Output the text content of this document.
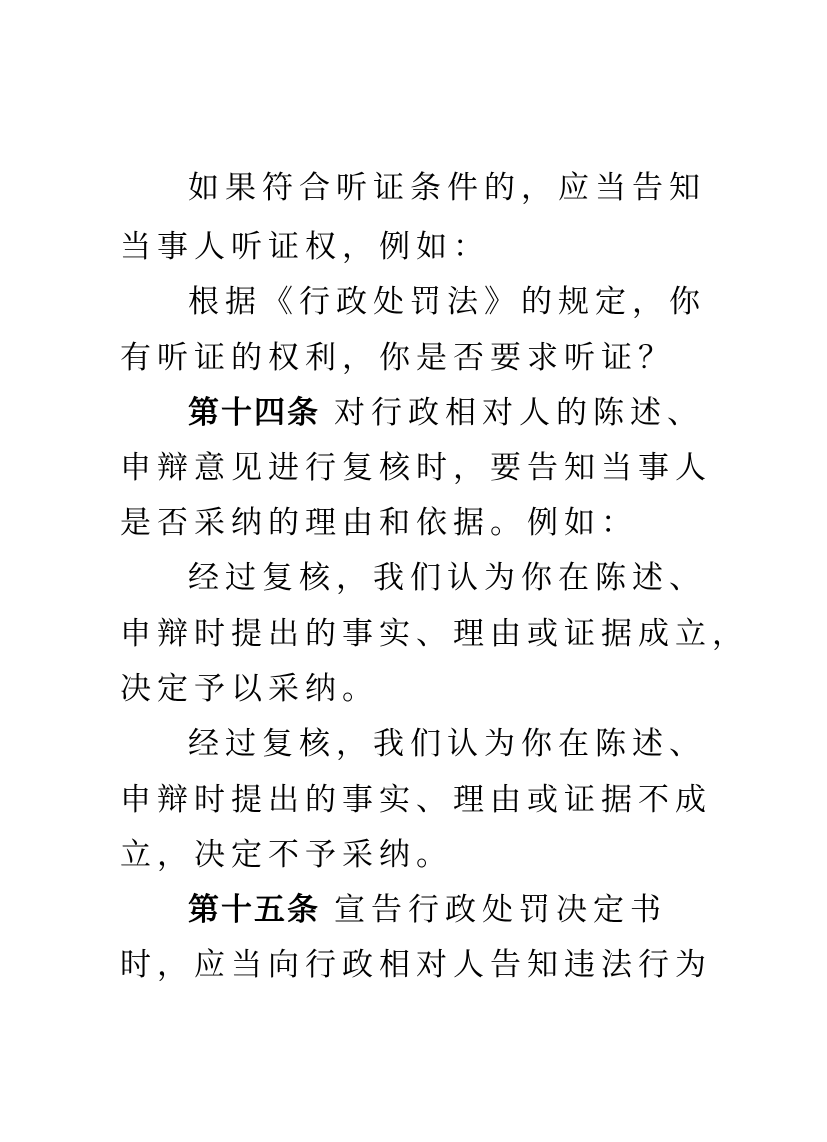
如果符合听证条件的，应当告知
当事人听证权，例如：
根据《行政处罚法》的规定，你
有听证的权利，你是否要求听证？
第十四条 对行政相对人的陈述、
申辩意见进行复核时，要告知当事人
是否采纳的理由和依据。例如：
经过复核，我们认为你在陈述、
申辩时提出的事实、理由或证据成立，
决定予以采纳。
经过复核，我们认为你在陈述、
申辩时提出的事实、理由或证据不成
立，决定不予采纳。
第十五条 宣告行政处罚决定书
时，应当向行政相对人告知违法行为
